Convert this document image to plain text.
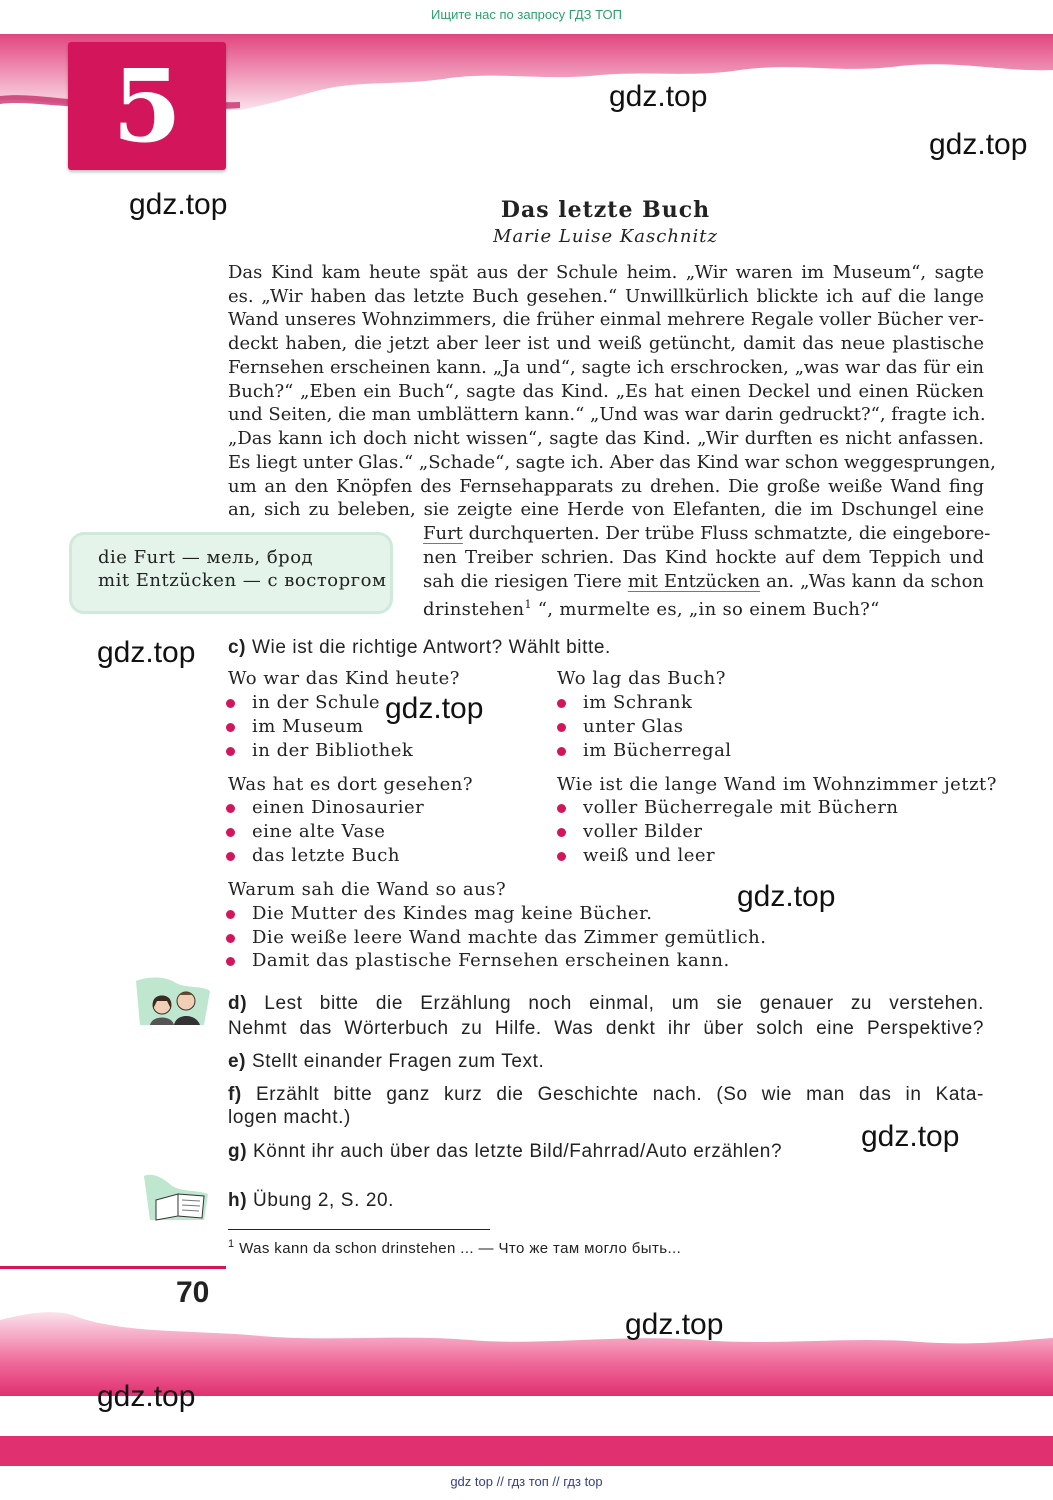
Ищите нас по запросу ГДЗ ТОП
5	gdz.top
gdz.top
gdz.top	Das letzte Buch
Marie Luise Kaschnitz
Das Kind kam heute spät aus der Schule heim. „Wir waren im Museum“, sagte
es. „Wir haben das letzte Buch gesehen.“ Unwillkürlich blickte ich auf die lange
Wand unseres Wohnzimmers, die früher einmal mehrere Regale voller Bücher ver-
deckt haben, die jetzt aber leer ist und weiß getüncht, damit das neue plastische
Fernsehen erscheinen kann. „Ja und“, sagte ich erschrocken, „was war das für ein
Buch?“ „Eben ein Buch“, sagte das Kind. „Es hat einen Deckel und einen Rücken
und Seiten, die man umblättern kann.“ „Und was war darin gedruckt?“, fragte ich.
„Das kann ich doch nicht wissen“, sagte das Kind. „Wir durften es nicht anfassen.
Es liegt unter Glas.“ „Schade“, sagte ich. Aber das Kind war schon weggesprungen,
um an den Knöpfen des Fernsehapparats zu drehen. Die große weiße Wand fing
an, sich zu beleben, sie zeigte eine Herde von Elefanten, die im Dschungel eine
Furt durchquerten. Der trübe Fluss schmatzte, die eingebore-
nen Treiber schrien. Das Kind hockte auf dem Teppich und
sah die riesigen Tiere mit Entzücken an. „Was kann da schon
drinstehen$^1$ “, murmelte es, „in so einem Buch?“
die Furt — мель, брод
mit Entzücken — с восторгом
gdz.top c) Wie ist die richtige Antwort? Wählt bitte.
Wo war das Kind heute?
in der Schule
im Museum
in der Bibliothek
Wo lag das Buch?
im Schrank
unter Glas
im Bücherregal
gdz.top
Was hat es dort gesehen?
einen Dinosaurier
eine alte Vase
das letzte Buch
Wie ist die lange Wand im Wohnzimmer jetzt?
voller Bücherregale mit Büchern
voller Bilder
weiß und leer
Warum sah die Wand so aus?
Die Mutter des Kindes mag keine Bücher.
Die weiße leere Wand machte das Zimmer gemütlich.
Damit das plastische Fernsehen erscheinen kann.
gdz.top
d) Lest bitte die Erzählung noch einmal, um sie genauer zu verstehen.
Nehmt das Wörterbuch zu Hilfe. Was denkt ihr über solch eine Perspektive?
e) Stellt einander Fragen zum Text.
f) Erzählt bitte ganz kurz die Geschichte nach. (So wie man das in Kata-
logen macht.)
g) Könnt ihr auch über das letzte Bild/Fahrrad/Auto erzählen?	gdz.top
h) Übung 2, S. 20.
$^1$ Was kann da schon drinstehen ... — Что же там могло быть...
70
gdz.top
gdz.top
gdz top // гдз топ // гдз top
